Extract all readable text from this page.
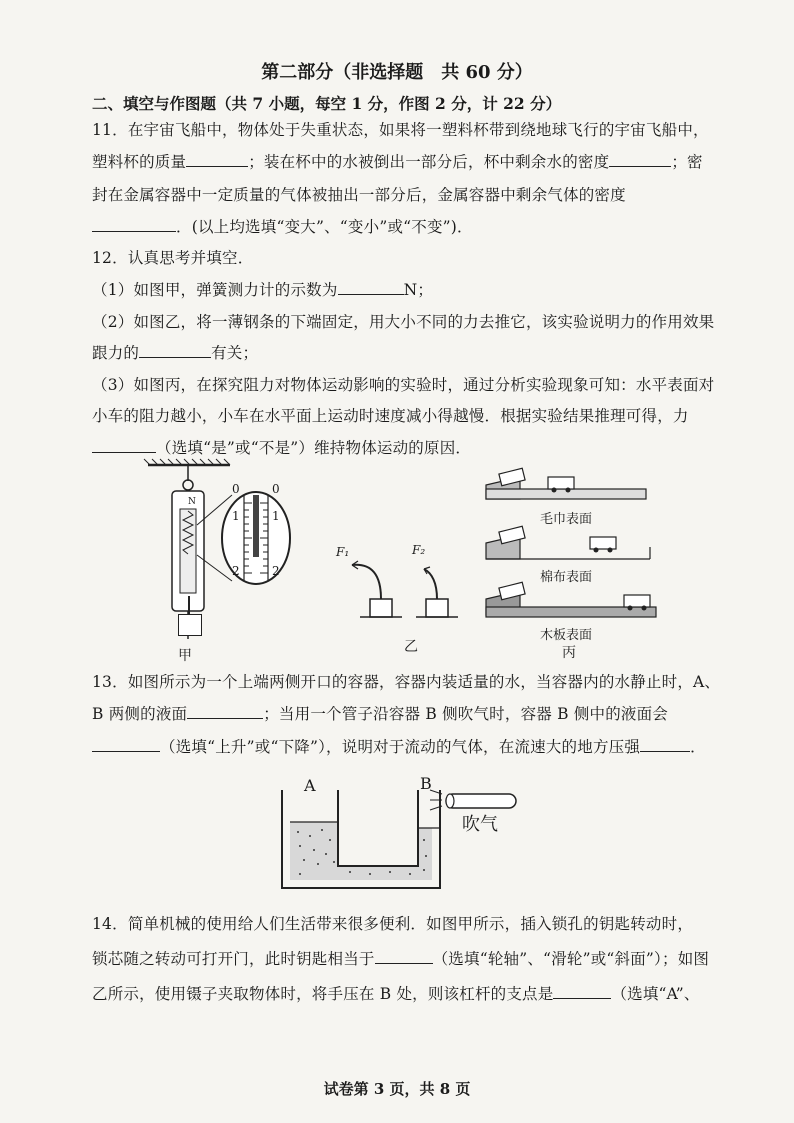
第二部分（非选择题　共 60 分）
二、填空与作图题（共 7 小题，每空 1 分，作图 2 分，计 22 分）
11．在宇宙飞船中，物体处于失重状态，如果将一塑料杯带到绕地球飞行的宇宙飞船中，
塑料杯的质量	；装在杯中的水被倒出一部分后，杯中剩余水的密度	；密
封在金属容器中一定质量的气体被抽出一部分后，金属容器中剩余气体的密度
．(以上均选填“变大”、“变小”或“不变”)．
12．认真思考并填空．
（1）如图甲，弹簧测力计的示数为	N；
（2）如图乙，将一薄钢条的下端固定，用大小不同的力去推它，该实验说明力的作用效果
跟力的	有关；
（3）如图丙，在探究阻力对物体运动影响的实验时，通过分析实验现象可知：水平表面对
小车的阻力越小，小车在水平面上运动时速度减小得越慢．根据实验结果推理可得，力
（选填“是”或“不是”）维持物体运动的原因．
N
0
1
2
0
1
2
甲
F₁	F₂
乙
毛巾表面
棉布表面
木板表面
丙
13．如图所示为一个上端两侧开口的容器，容器内装适量的水，当容器内的水静止时，A、
B 两侧的液面	；当用一个管子沿容器 B 侧吹气时，容器 B 侧中的液面会
（选填“上升”或“下降”），说明对于流动的气体，在流速大的地方压强	．
A	B
吹气
14．简单机械的使用给人们生活带来很多便利．如图甲所示，插入锁孔的钥匙转动时，
锁芯随之转动可打开门，此时钥匙相当于	（选填“轮轴”、“滑轮”或“斜面”）；如图
乙所示，使用镊子夹取物体时，将手压在 B 处，则该杠杆的支点是	（选填“A”、
试卷第 3 页，共 8 页
